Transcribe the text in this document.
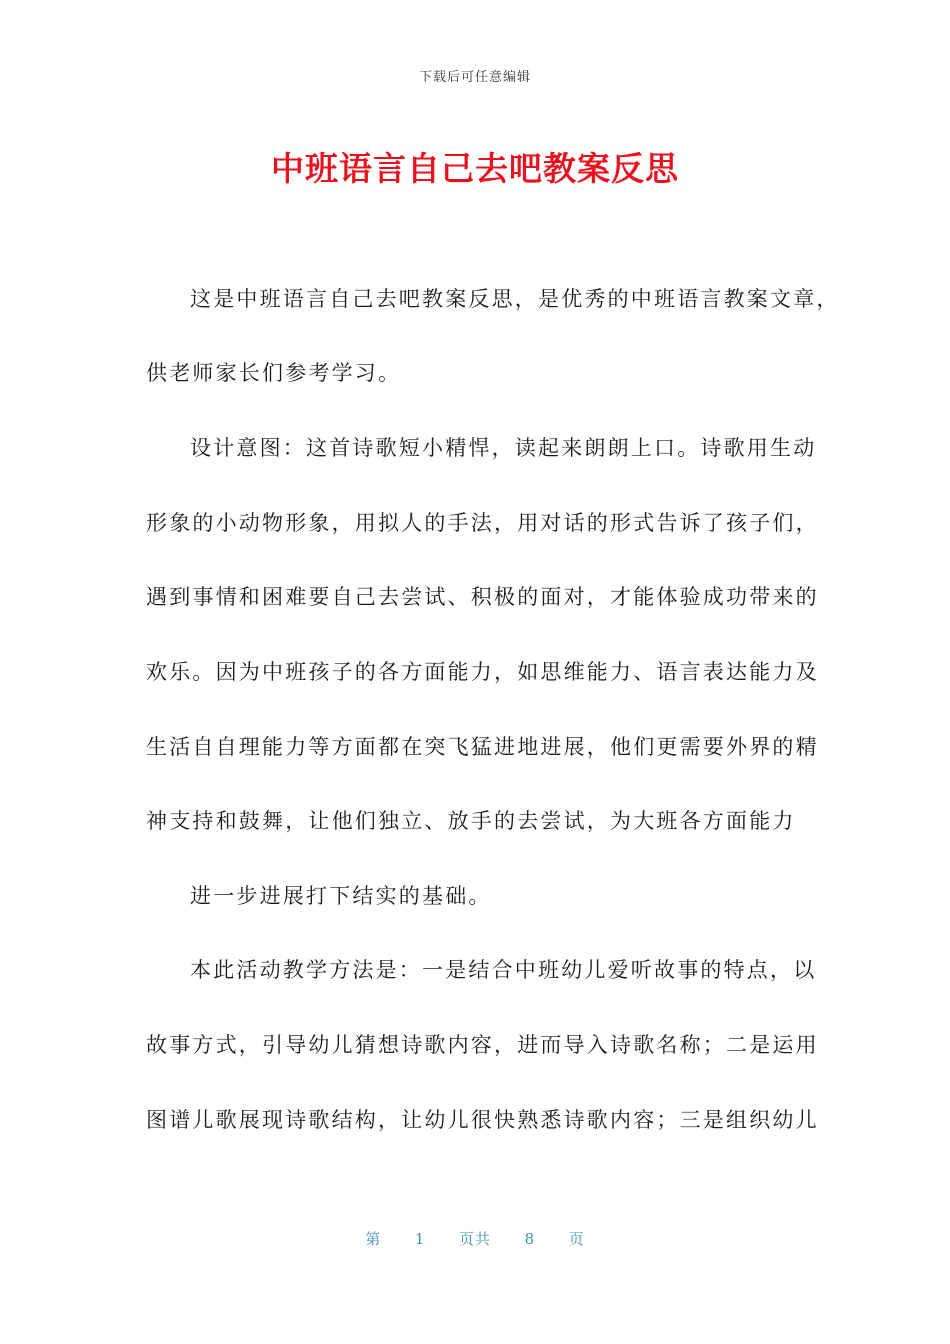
下载后可任意编辑
中班语言自己去吧教案反思
这是中班语言自己去吧教案反思，是优秀的中班语言教案文章，
供老师家长们参考学习。
设计意图：这首诗歌短小精悍，读起来朗朗上口。诗歌用生动
形象的小动物形象，用拟人的手法，用对话的形式告诉了孩子们，
遇到事情和困难要自己去尝试、积极的面对，才能体验成功带来的
欢乐。因为中班孩子的各方面能力，如思维能力、语言表达能力及
生活自自理能力等方面都在突飞猛进地进展，他们更需要外界的精
神支持和鼓舞，让他们独立、放手的去尝试，为大班各方面能力
进一步进展打下结实的基础。
本此活动教学方法是：一是结合中班幼儿爱听故事的特点，以
故事方式，引导幼儿猜想诗歌内容，进而导入诗歌名称；二是运用
图谱儿歌展现诗歌结构，让幼儿很快熟悉诗歌内容；三是组织幼儿
第 1 页共 8 页
